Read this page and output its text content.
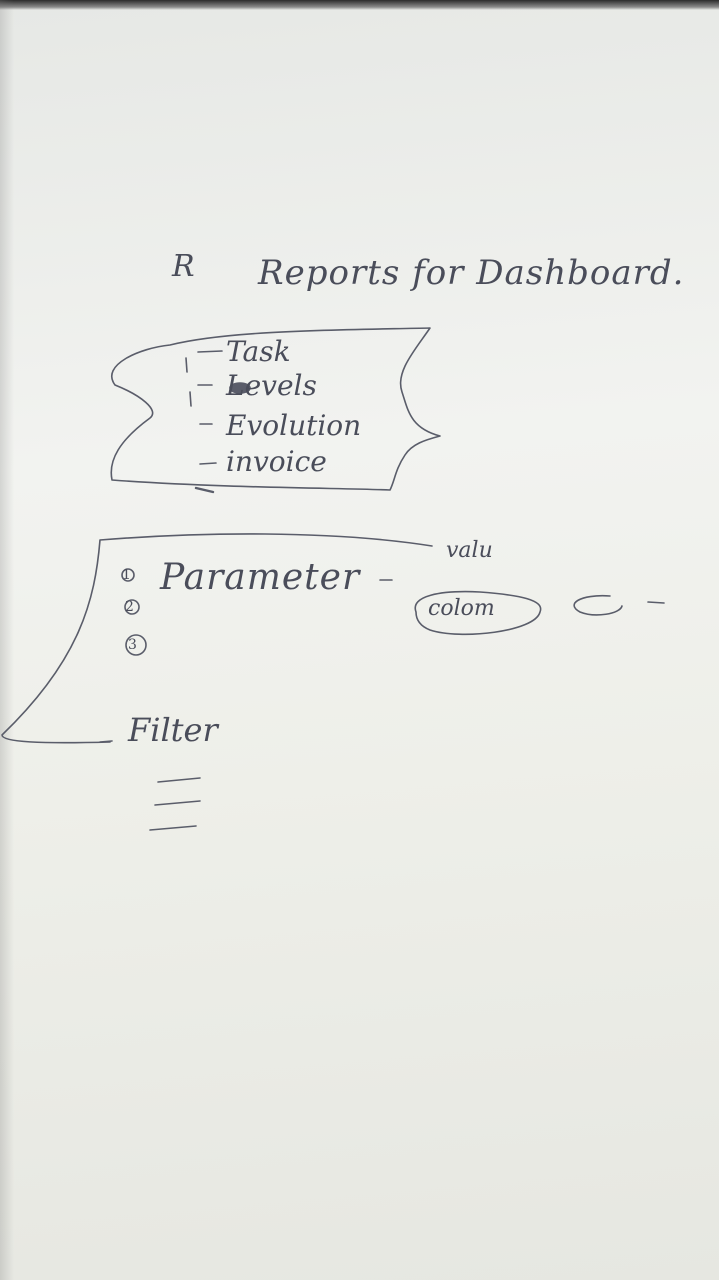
R Reports for Dashboard.
Task
Levels
Evolution
invoice
1
2
3
Parameter
valu
colom
Filter
